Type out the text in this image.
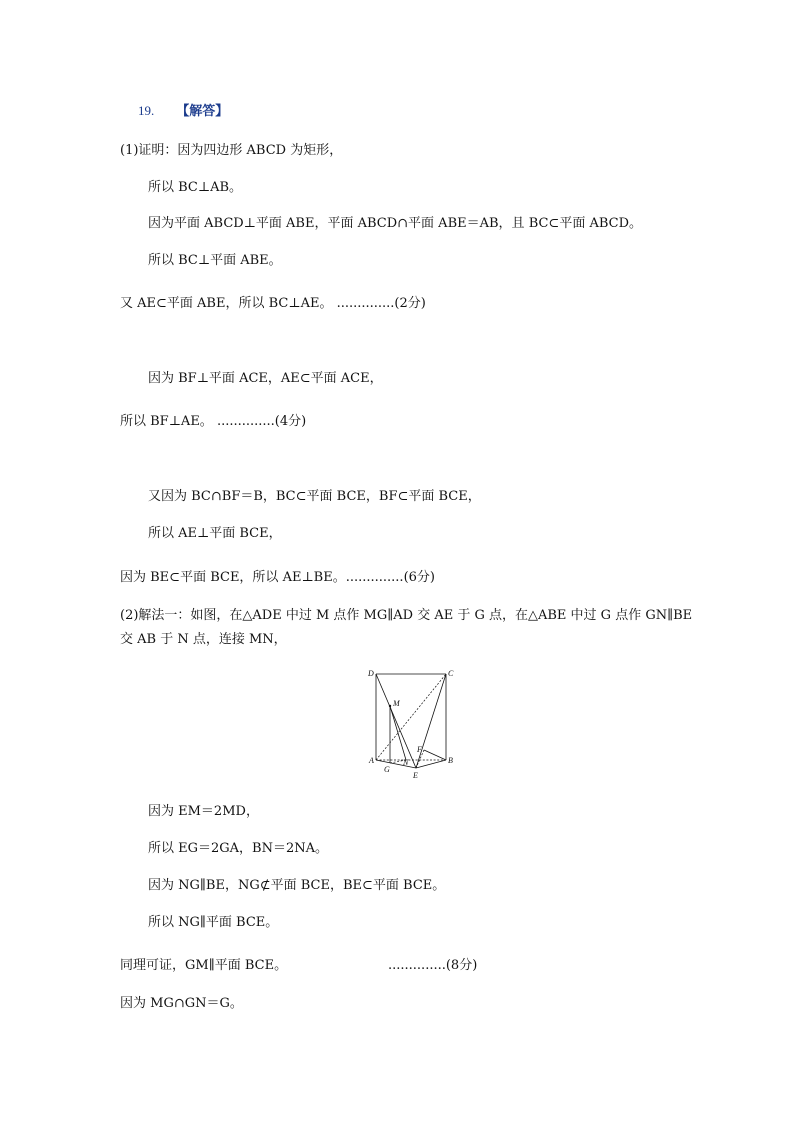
19. 【解答】
(1)证明：因为四边形 ABCD 为矩形，
所以 BC⊥AB。
因为平面 ABCD⊥平面 ABE，平面 ABCD∩平面 ABE＝AB，且 BC⊂平面 ABCD。
所以 BC⊥平面 ABE。
又 AE⊂平面 ABE，所以 BC⊥AE。 ..............(2分)
因为 BF⊥平面 ACE，AE⊂平面 ACE，
所以 BF⊥AE。 ..............(4分)
又因为 BC∩BF＝B，BC⊂平面 BCE，BF⊂平面 BCE，
所以 AE⊥平面 BCE，
因为 BE⊂平面 BCE，所以 AE⊥BE。..............(6分)
(2)解法一：如图，在△ADE 中过 M 点作 MG∥AD 交 AE 于 G 点，在△ABE 中过 G 点作 GN∥BE
交 AB 于 N 点，连接 MN，
D	C
M
F
A
G
N	B
E
因为 EM＝2MD，
所以 EG＝2GA，BN＝2NA。
因为 NG∥BE，NG⊄平面 BCE，BE⊂平面 BCE。
所以 NG∥平面 BCE。
同理可证，GM∥平面 BCE。	..............(8分)
因为 MG∩GN＝G。
